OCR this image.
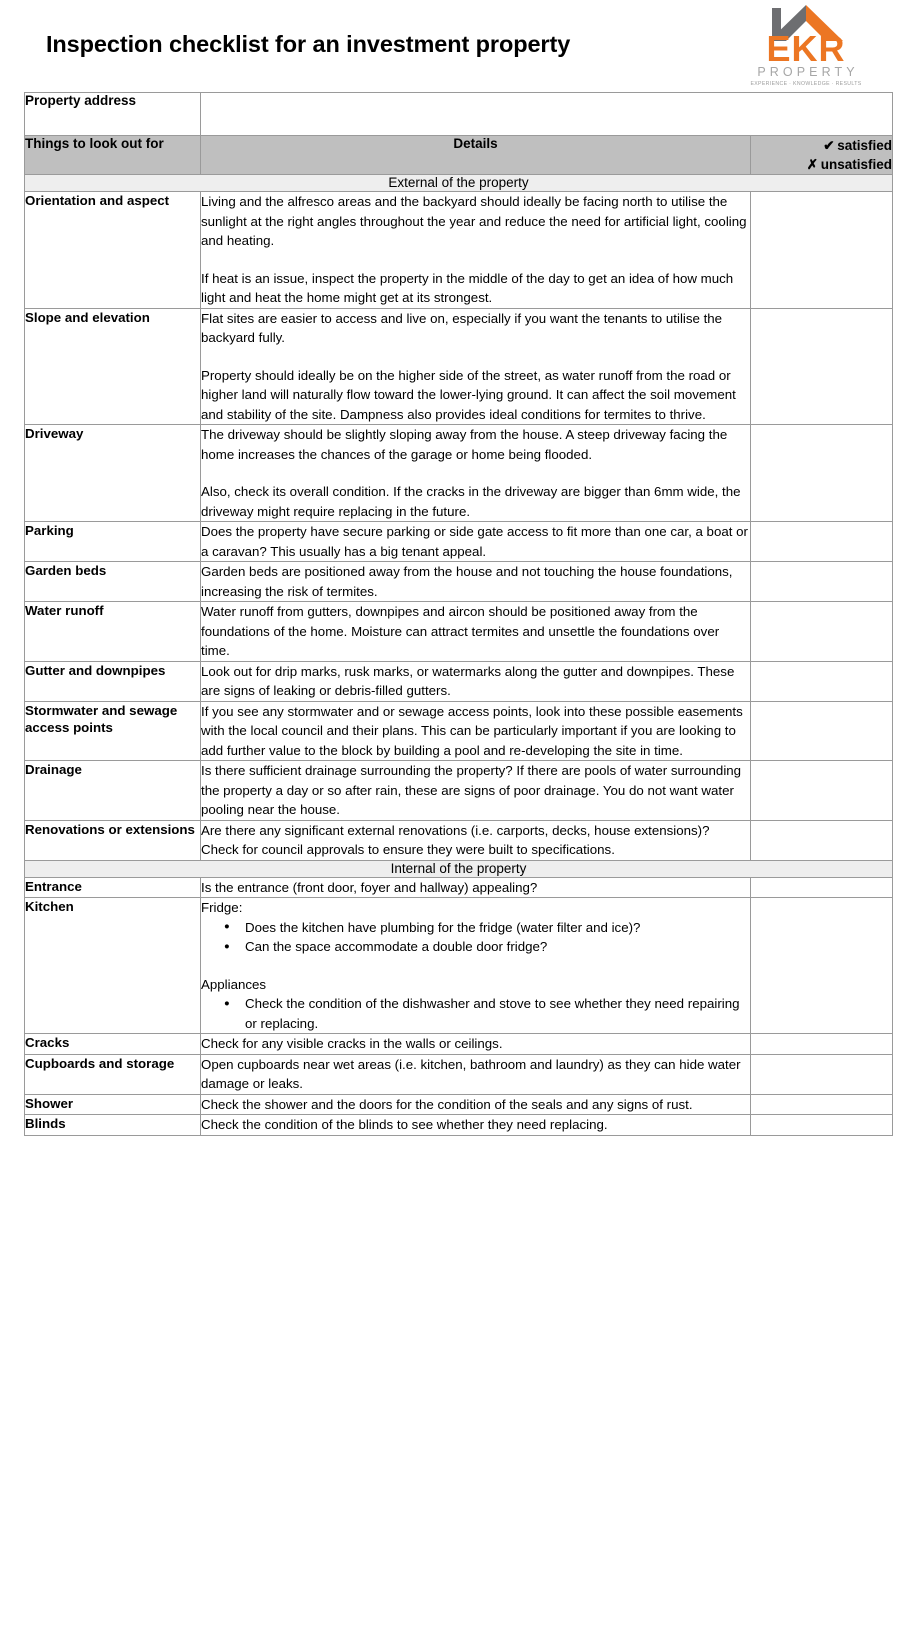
Inspection checklist for an investment property	EKR
PROPERTY
EXPERIENCE · KNOWLEDGE · RESULTS
Property address		
Things to look out for	Details	✔ satisfied
✗ unsatisfied

External of the property		
Orientation and aspect	Living and the alfresco areas and the backyard should ideally be facing north to utilise the sunlight at the right angles throughout the year and reduce the need for artificial light, cooling and heating.

If heat is an issue, inspect the property in the middle of the day to get an idea of how much light and heat the home might get at its strongest.	

Slope and elevation	Flat sites are easier to access and live on, especially if you want the tenants to utilise the backyard fully.

Property should ideally be on the higher side of the street, as water runoff from the road or higher land will naturally flow toward the lower-lying ground. It can affect the soil movement and stability of the site. Dampness also provides ideal conditions for termites to thrive.	

Driveway	The driveway should be slightly sloping away from the house. A steep driveway facing the home increases the chances of the garage or home being flooded.

Also, check its overall condition. If the cracks in the driveway are bigger than 6mm wide, the driveway might require replacing in the future.	

Parking	Does the property have secure parking or side gate access to fit more than one car, a boat or a caravan? This usually has a big tenant appeal.	

Garden beds	Garden beds are positioned away from the house and not touching the house foundations, increasing the risk of termites.	

Water runoff	Water runoff from gutters, downpipes and aircon should be positioned away from the foundations of the home. Moisture can attract termites and unsettle the foundations over time.	

Gutter and downpipes	Look out for drip marks, rusk marks, or watermarks along the gutter and downpipes. These are signs of leaking or debris-filled gutters.	

Stormwater and sewage access points	If you see any stormwater and or sewage access points, look into these possible easements with the local council and their plans. This can be particularly important if you are looking to add further value to the block by building a pool and re-developing the site in time.	

Drainage	Is there sufficient drainage surrounding the property? If there are pools of water surrounding the property a day or so after rain, these are signs of poor drainage. You do not want water pooling near the house.	

Renovations or extensions	Are there any significant external renovations (i.e. carports, decks, house extensions)? Check for council approvals to ensure they were built to specifications.	

Internal of the property		
Entrance	Is the entrance (front door, foyer and hallway) appealing?	

Kitchen	Fridge:

● Does the kitchen have plumbing for the fridge (water filter and ice)?
● Can the space accommodate a double door fridge?

Appliances

● Check the condition of the dishwasher and stove to see whether they need repairing or replacing.

Cracks	Check for any visible cracks in the walls or ceilings.	

Cupboards and storage	Open cupboards near wet areas (i.e. kitchen, bathroom and laundry) as they can hide water damage or leaks.	

Shower	Check the shower and the doors for the condition of the seals and any signs of rust.	

Blinds	Check the condition of the blinds to see whether they need replacing.	
